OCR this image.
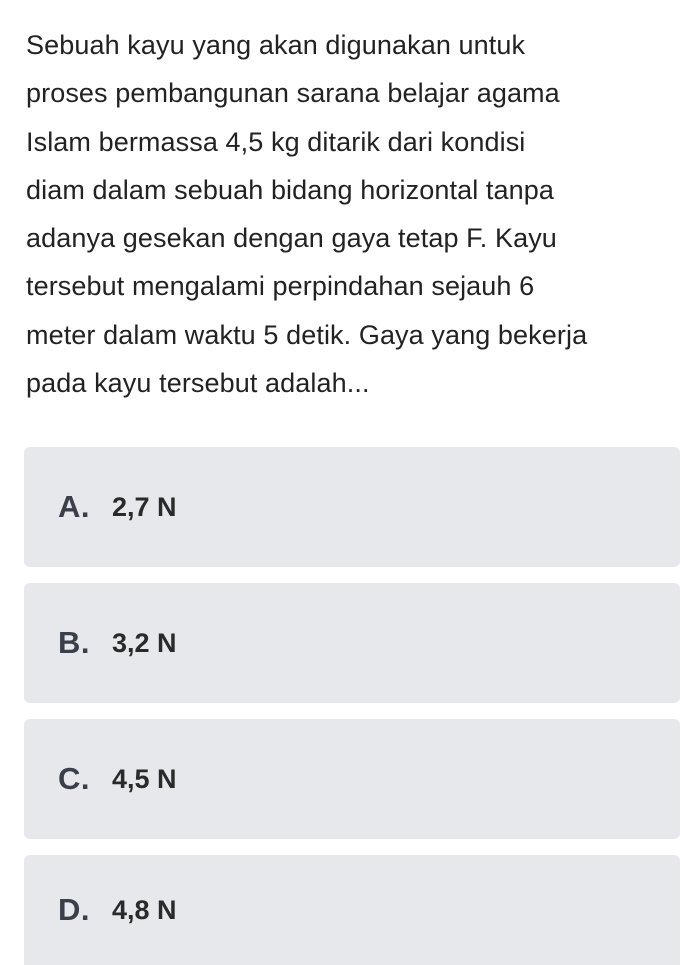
Sebuah kayu yang akan digunakan untuk
proses pembangunan sarana belajar agama
Islam bermassa 4,5 kg ditarik dari kondisi
diam dalam sebuah bidang horizontal tanpa
adanya gesekan dengan gaya tetap F. Kayu
tersebut mengalami perpindahan sejauh 6
meter dalam waktu 5 detik. Gaya yang bekerja
pada kayu tersebut adalah...

A. 2,7 N
B. 3,2 N
C. 4,5 N
D. 4,8 N
